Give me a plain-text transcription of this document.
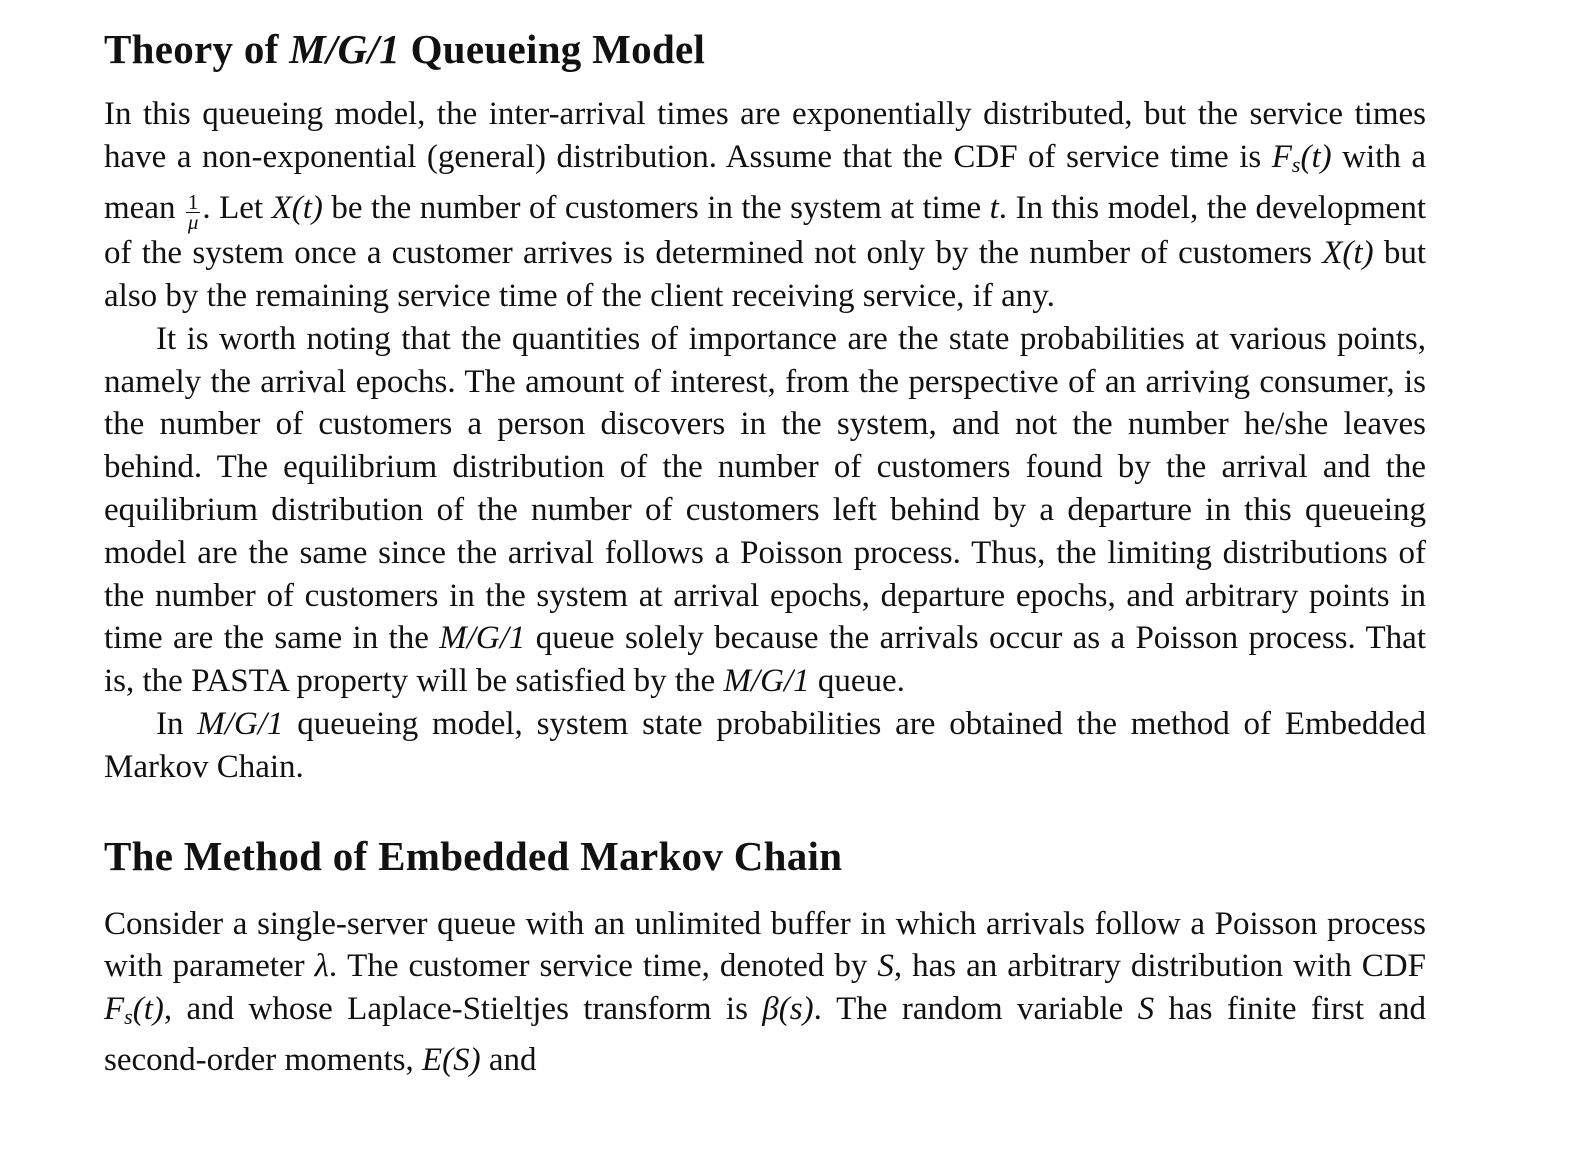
Theory of M/G/1 Queueing Model

In this queueing model, the inter-arrival times are exponentially distributed, but the service times have a non-exponential (general) distribution. Assume that the CDF of service time is $F_s(t)$ with a mean $\frac{1}{\mu}$ . Let X(t) be the number of customers in the system at time t. In this model, the development of the system once a customer arrives is determined not only by the number of customers X(t) but also by the remaining service time of the client receiving service, if any.

It is worth noting that the quantities of importance are the state probabilities at various points, namely the arrival epochs. The amount of interest, from the perspective of an arriving consumer, is the number of customers a person discovers in the system, and not the number he/she leaves behind. The equilibrium distribution of the number of customers found by the arrival and the equilibrium distribution of the number of customers left behind by a departure in this queueing model are the same since the arrival follows a Poisson process. Thus, the limiting distributions of the number of customers in the system at arrival epochs, departure epochs, and arbitrary points in time are the same in the M/G/1 queue solely because the arrivals occur as a Poisson process. That is, the PASTA property will be satisfied by the M/G/1 queue.

In M/G/1 queueing model, system state probabilities are obtained the method of Embedded Markov Chain.

The Method of Embedded Markov Chain

Consider a single-server queue with an unlimited buffer in which arrivals follow a Poisson process with parameter λ. The customer service time, denoted by S, has an arbitrary distribution with CDF $F_s(t)$, and whose Laplace-Stieltjes transform is β(s). The random variable S has finite first and second-order moments, E(S) and
